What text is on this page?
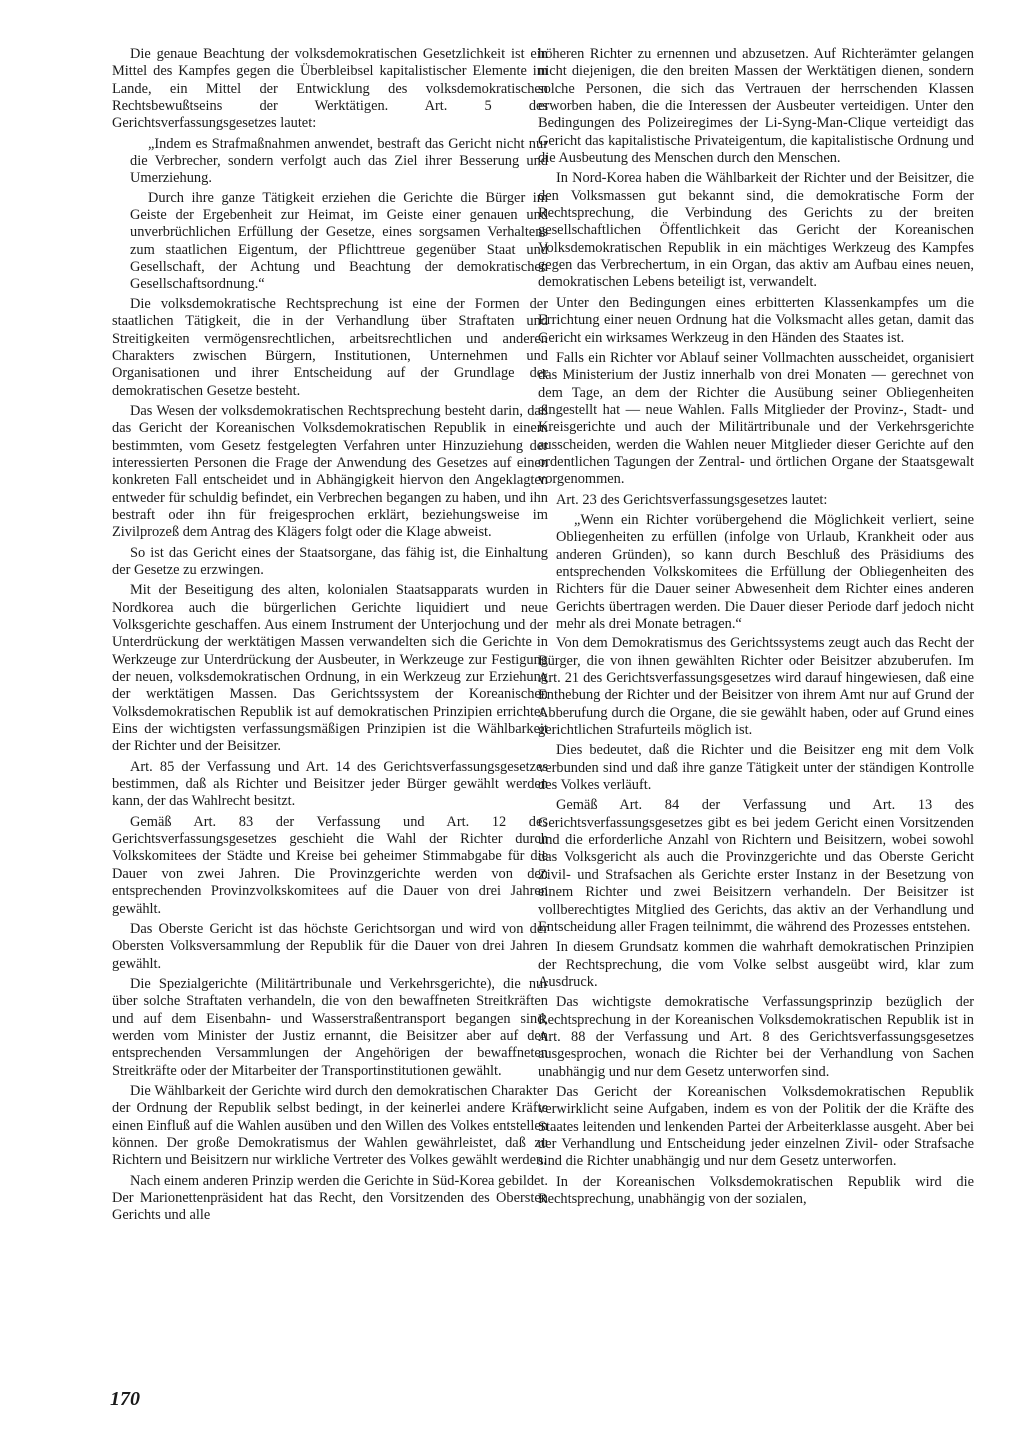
Die genaue Beachtung der volksdemokratischen Gesetzlichkeit ist ein Mittel des Kampfes gegen die Überbleibsel kapitalistischer Elemente im Lande, ein Mittel der Entwicklung des volksdemokratischen Rechtsbewußtseins der Werktätigen. Art. 5 des Gerichtsverfassungsgesetzes lautet:

„Indem es Strafmaßnahmen anwendet, bestraft das Gericht nicht nur die Verbrecher, sondern verfolgt auch das Ziel ihrer Besserung und Umerziehung.

Durch ihre ganze Tätigkeit erziehen die Gerichte die Bürger im Geiste der Ergebenheit zur Heimat, im Geiste einer genauen und unverbrüchlichen Erfüllung der Gesetze, eines sorgsamen Verhaltens zum staatlichen Eigentum, der Pflichttreue gegenüber Staat und Gesellschaft, der Achtung und Beachtung der demokratischen Gesellschaftsordnung.“

Die volksdemokratische Rechtsprechung ist eine der Formen der staatlichen Tätigkeit, die in der Verhandlung über Straftaten und Streitigkeiten vermögensrechtlichen, arbeitsrechtlichen und anderen Charakters zwischen Bürgern, Institutionen, Unternehmen und Organisationen und ihrer Entscheidung auf der Grundlage der demokratischen Gesetze besteht.

Das Wesen der volksdemokratischen Rechtsprechung besteht darin, daß das Gericht der Koreanischen Volksdemokratischen Republik in einem bestimmten, vom Gesetz festgelegten Verfahren unter Hinzuziehung der interessierten Personen die Frage der Anwendung des Gesetzes auf einen konkreten Fall entscheidet und in Abhängigkeit hiervon den Angeklagten entweder für schuldig befindet, ein Verbrechen begangen zu haben, und ihn bestraft oder ihn für freigesprochen erklärt, beziehungsweise im Zivilprozeß dem Antrag des Klägers folgt oder die Klage abweist.

So ist das Gericht eines der Staatsorgane, das fähig ist, die Einhaltung der Gesetze zu erzwingen.

Mit der Beseitigung des alten, kolonialen Staatsapparats wurden in Nordkorea auch die bürgerlichen Gerichte liquidiert und neue Volksgerichte geschaffen. Aus einem Instrument der Unterjochung und der Unterdrückung der werktätigen Massen verwandelten sich die Gerichte in Werkzeuge zur Unterdrückung der Ausbeuter, in Werkzeuge zur Festigung der neuen, volksdemokratischen Ordnung, in ein Werkzeug zur Erziehung der werktätigen Massen. Das Gerichtssystem der Koreanischen Volksdemokratischen Republik ist auf demokratischen Prinzipien errichtet. Eins der wichtigsten verfassungsmäßigen Prinzipien ist die Wählbarkeit der Richter und der Beisitzer.

Art. 85 der Verfassung und Art. 14 des Gerichtsverfassungsgesetzes bestimmen, daß als Richter und Beisitzer jeder Bürger gewählt werden kann, der das Wahlrecht besitzt.

Gemäß Art. 83 der Verfassung und Art. 12 des Gerichtsverfassungsgesetzes geschieht die Wahl der Richter durch Volkskomitees der Städte und Kreise bei geheimer Stimmabgabe für die Dauer von zwei Jahren. Die Provinzgerichte werden von den entsprechenden Provinzvolkskomitees auf die Dauer von drei Jahren gewählt.

Das Oberste Gericht ist das höchste Gerichtsorgan und wird von der Obersten Volksversammlung der Republik für die Dauer von drei Jahren gewählt.

Die Spezialgerichte (Militärtribunale und Verkehrsgerichte), die nur über solche Straftaten verhandeln, die von den bewaffneten Streitkräften und auf dem Eisenbahn- und Wasserstraßentransport begangen sind, werden vom Minister der Justiz ernannt, die Beisitzer aber auf den entsprechenden Versammlungen der Angehörigen der bewaffneten Streitkräfte oder der Mitarbeiter der Transportinstitutionen gewählt.

Die Wählbarkeit der Gerichte wird durch den demokratischen Charakter der Ordnung der Republik selbst bedingt, in der keinerlei andere Kräfte einen Einfluß auf die Wahlen ausüben und den Willen des Volkes entstellen können. Der große Demokratismus der Wahlen gewährleistet, daß zu Richtern und Beisitzern nur wirkliche Vertreter des Volkes gewählt werden.

Nach einem anderen Prinzip werden die Gerichte in Süd-Korea gebildet. Der Marionettenpräsident hat das Recht, den Vorsitzenden des Obersten Gerichts und alle

höheren Richter zu ernennen und abzusetzen. Auf Richterämter gelangen nicht diejenigen, die den breiten Massen der Werktätigen dienen, sondern solche Personen, die sich das Vertrauen der herrschenden Klassen erworben haben, die die Interessen der Ausbeuter verteidigen. Unter den Bedingungen des Polizeiregimes der Li-Syng-Man-Clique verteidigt das Gericht das kapitalistische Privateigentum, die kapitalistische Ordnung und die Ausbeutung des Menschen durch den Menschen.

In Nord-Korea haben die Wählbarkeit der Richter und der Beisitzer, die den Volksmassen gut bekannt sind, die demokratische Form der Rechtsprechung, die Verbindung des Gerichts zu der breiten gesellschaftlichen Öffentlichkeit das Gericht der Koreanischen Volksdemokratischen Republik in ein mächtiges Werkzeug des Kampfes gegen das Verbrechertum, in ein Organ, das aktiv am Aufbau eines neuen, demokratischen Lebens beteiligt ist, verwandelt.

Unter den Bedingungen eines erbitterten Klassenkampfes um die Errichtung einer neuen Ordnung hat die Volksmacht alles getan, damit das Gericht ein wirksames Werkzeug in den Händen des Staates ist.

Falls ein Richter vor Ablauf seiner Vollmachten ausscheidet, organisiert das Ministerium der Justiz innerhalb von drei Monaten — gerechnet von dem Tage, an dem der Richter die Ausübung seiner Obliegenheiten eingestellt hat — neue Wahlen. Falls Mitglieder der Provinz-, Stadt- und Kreisgerichte und auch der Militärtribunale und der Verkehrsgerichte ausscheiden, werden die Wahlen neuer Mitglieder dieser Gerichte auf den ordentlichen Tagungen der Zentral- und örtlichen Organe der Staatsgewalt vorgenommen.

Art. 23 des Gerichtsverfassungsgesetzes lautet:

„Wenn ein Richter vorübergehend die Möglichkeit verliert, seine Obliegenheiten zu erfüllen (infolge von Urlaub, Krankheit oder aus anderen Gründen), so kann durch Beschluß des Präsidiums des entsprechenden Volkskomitees die Erfüllung der Obliegenheiten des Richters für die Dauer seiner Abwesenheit dem Richter eines anderen Gerichts übertragen werden. Die Dauer dieser Periode darf jedoch nicht mehr als drei Monate betragen.“

Von dem Demokratismus des Gerichtssystems zeugt auch das Recht der Bürger, die von ihnen gewählten Richter oder Beisitzer abzuberufen. Im Art. 21 des Gerichtsverfassungsgesetzes wird darauf hingewiesen, daß eine Enthebung der Richter und der Beisitzer von ihrem Amt nur auf Grund der Abberufung durch die Organe, die sie gewählt haben, oder auf Grund eines gerichtlichen Strafurteils möglich ist.

Dies bedeutet, daß die Richter und die Beisitzer eng mit dem Volk verbunden sind und daß ihre ganze Tätigkeit unter der ständigen Kontrolle des Volkes verläuft.

Gemäß Art. 84 der Verfassung und Art. 13 des Gerichtsverfassungsgesetzes gibt es bei jedem Gericht einen Vorsitzenden und die erforderliche Anzahl von Richtern und Beisitzern, wobei sowohl das Volksgericht als auch die Provinzgerichte und das Oberste Gericht Zivil- und Strafsachen als Gerichte erster Instanz in der Besetzung von einem Richter und zwei Beisitzern verhandeln. Der Beisitzer ist vollberechtigtes Mitglied des Gerichts, das aktiv an der Verhandlung und Entscheidung aller Fragen teilnimmt, die während des Prozesses entstehen.

In diesem Grundsatz kommen die wahrhaft demokratischen Prinzipien der Rechtsprechung, die vom Volke selbst ausgeübt wird, klar zum Ausdruck.

Das wichtigste demokratische Verfassungsprinzip bezüglich der Rechtsprechung in der Koreanischen Volksdemokratischen Republik ist in Art. 88 der Verfassung und Art. 8 des Gerichtsverfassungsgesetzes ausgesprochen, wonach die Richter bei der Verhandlung von Sachen unabhängig und nur dem Gesetz unterworfen sind.

Das Gericht der Koreanischen Volksdemokratischen Republik verwirklicht seine Aufgaben, indem es von der Politik der die Kräfte des Staates leitenden und lenkenden Partei der Arbeiterklasse ausgeht. Aber bei der Verhandlung und Entscheidung jeder einzelnen Zivil- oder Strafsache sind die Richter unabhängig und nur dem Gesetz unterworfen.

In der Koreanischen Volksdemokratischen Republik wird die Rechtsprechung, unabhängig von der sozialen,

170
